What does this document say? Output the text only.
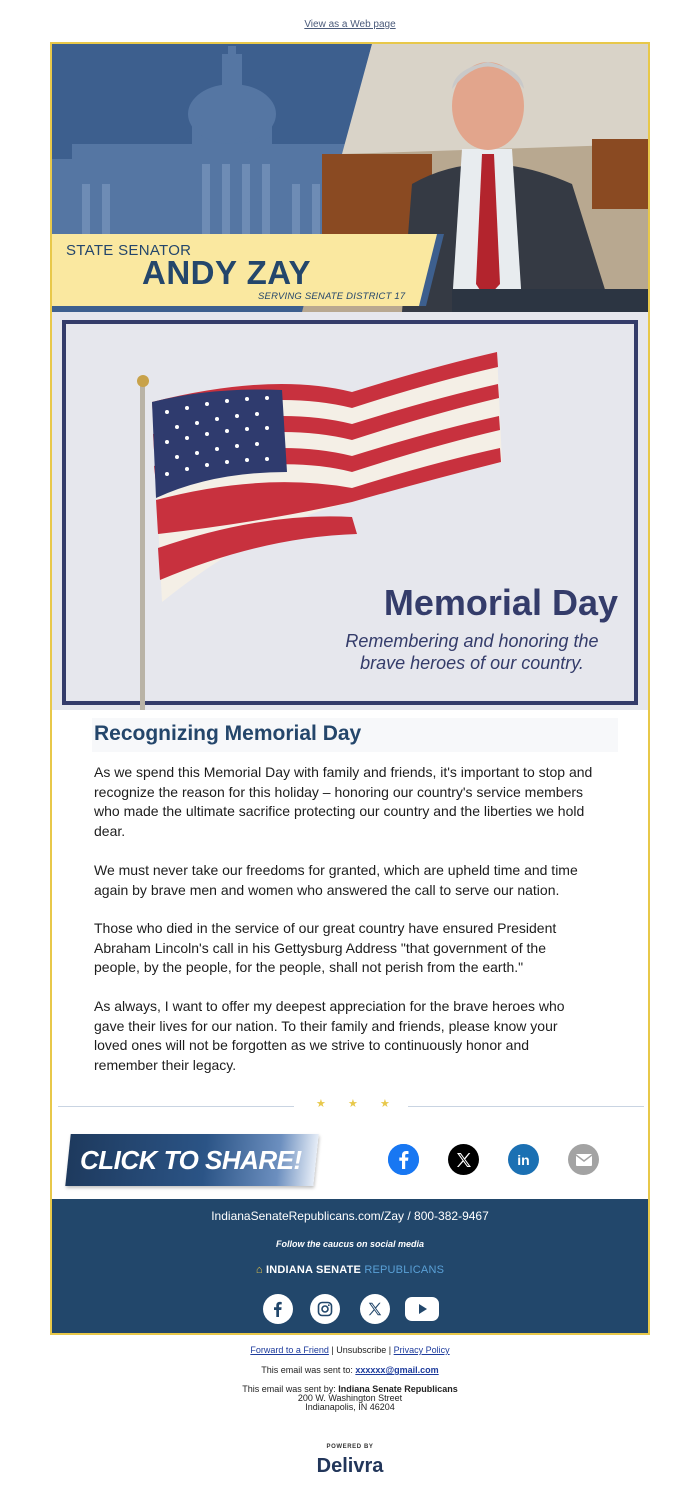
View as a Web page
STATE SENATOR
ANDY ZAY
SERVING SENATE DISTRICT 17
Memorial Day
Remembering and honoring the
brave heroes of our country.
Recognizing Memorial Day

As we spend this Memorial Day with family and friends, it's important to stop and recognize the reason for this holiday – honoring our country's service members who made the ultimate sacrifice protecting our country and the liberties we hold dear.

We must never take our freedoms for granted, which are upheld time and time again by brave men and women who answered the call to serve our nation.

Those who died in the service of our great country have ensured President Abraham Lincoln's call in his Gettysburg Address "that government of the people, by the people, for the people, shall not perish from the earth."

As always, I want to offer my deepest appreciation for the brave heroes who gave their lives for our nation. To their family and friends, please know your loved ones will not be forgotten as we strive to continuously honor and remember their legacy.

★ ★ ★
CLICK TO SHARE!	in
IndianaSenateRepublicans.com/Zay / 800-382-9467
Follow the caucus on social media
⌂ INDIANA SENATE REPUBLICANS
Forward to a Friend | Unsubscribe | Privacy Policy
This email was sent to: xxxxxx@gmail.com
This email was sent by: Indiana Senate Republicans
200 W. Washington Street
Indianapolis, IN 46204
POWERED BY
Delivra
